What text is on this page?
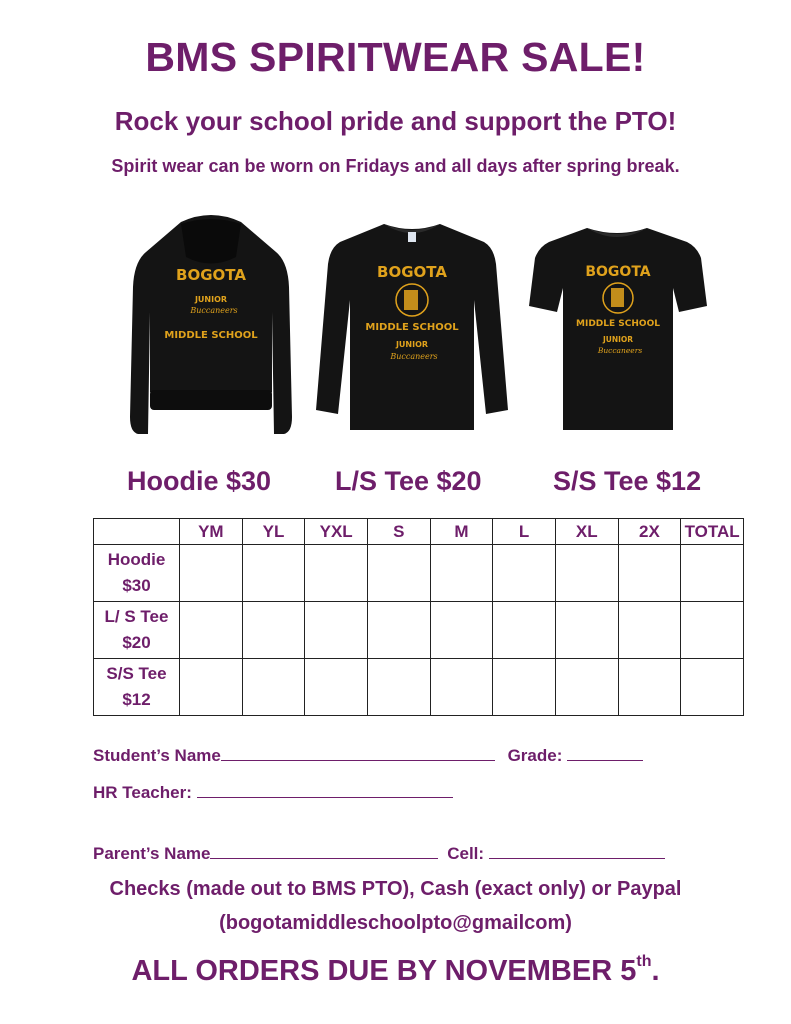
BMS SPIRITWEAR SALE!
Rock your school pride and support the PTO!
Spirit wear can be worn on Fridays and all days after spring break.
BOGOTA
JUNIOR
Buccaneers
MIDDLE SCHOOL
BOGOTA
MIDDLE SCHOOL
JUNIOR
Buccaneers
BOGOTA
MIDDLE SCHOOL
JUNIOR
Buccaneers
Hoodie $30 L/S Tee $20	S/S Tee $12
	YM	YL	YXL	S	M	L	XL	2X	TOTAL
Hoodie
$30									
L/ S Tee
$20									
S/S Tee
$12									
Student’s Name	Grade:
HR Teacher:
Parent’s Name	Cell:
Checks (made out to BMS PTO), Cash (exact only) or Paypal
(bogotamiddleschoolpto@gmailcom)
ALL ORDERS DUE BY NOVEMBER 5th.
